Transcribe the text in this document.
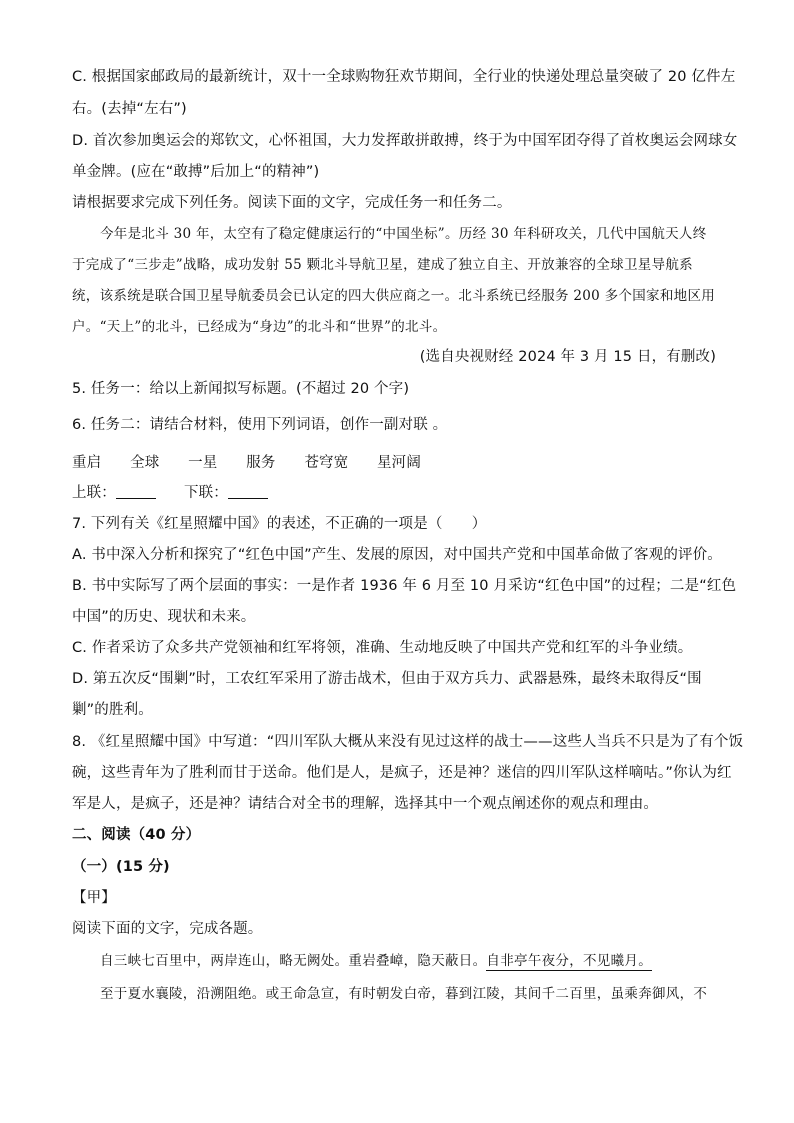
C. 根据国家邮政局的最新统计，双十一全球购物狂欢节期间，全行业的快递处理总量突破了 20 亿件左
右。(去掉“左右”)
D. 首次参加奥运会的郑钦文，心怀祖国，大力发挥敢拼敢搏，终于为中国军团夺得了首枚奥运会网球女
单金牌。(应在“敢搏”后加上“的精神”)
请根据要求完成下列任务。阅读下面的文字，完成任务一和任务二。
今年是北斗 30 年，太空有了稳定健康运行的“中国坐标”。历经 30 年科研攻关，几代中国航天人终
于完成了“三步走”战略，成功发射 55 颗北斗导航卫星，建成了独立自主、开放兼容的全球卫星导航系
统，该系统是联合国卫星导航委员会已认定的四大供应商之一。北斗系统已经服务 200 多个国家和地区用
户。“天上”的北斗，已经成为“身边”的北斗和“世界”的北斗。
(选自央视财经 2024 年 3 月 15 日，有删改)
5. 任务一：给以上新闻拟写标题。(不超过 20 个字)
6. 任务二：请结合材料，使用下列词语，创作一副对联 。
重启 全球 一星 服务 苍穹宽 星河阔
上联：	下联：
7. 下列有关《红星照耀中国》的表述，不正确的一项是（　　）
A. 书中深入分析和探究了“红色中国”产生、发展的原因，对中国共产党和中国革命做了客观的评价。
B. 书中实际写了两个层面的事实：一是作者 1936 年 6 月至 10 月采访“红色中国”的过程；二是“红色
中国”的历史、现状和未来。
C. 作者采访了众多共产党领袖和红军将领，准确、生动地反映了中国共产党和红军的斗争业绩。
D. 第五次反“围剿”时，工农红军采用了游击战术，但由于双方兵力、武器悬殊，最终未取得反“围
剿”的胜利。
8. 《红星照耀中国》中写道：“四川军队大概从来没有见过这样的战士——这些人当兵不只是为了有个饭
碗，这些青年为了胜利而甘于送命。他们是人，是疯子，还是神？迷信的四川军队这样嘀咕。”你认为红
军是人，是疯子，还是神？请结合对全书的理解，选择其中一个观点阐述你的观点和理由。
二、阅读（40 分）
（一）(15 分)
【甲】
阅读下面的文字，完成各题。
自三峡七百里中，两岸连山，略无阙处。重岩叠嶂，隐天蔽日。自非亭午夜分，不见曦月。
至于夏水襄陵，沿溯阻绝。或王命急宣，有时朝发白帝，暮到江陵，其间千二百里，虽乘奔御风，不
